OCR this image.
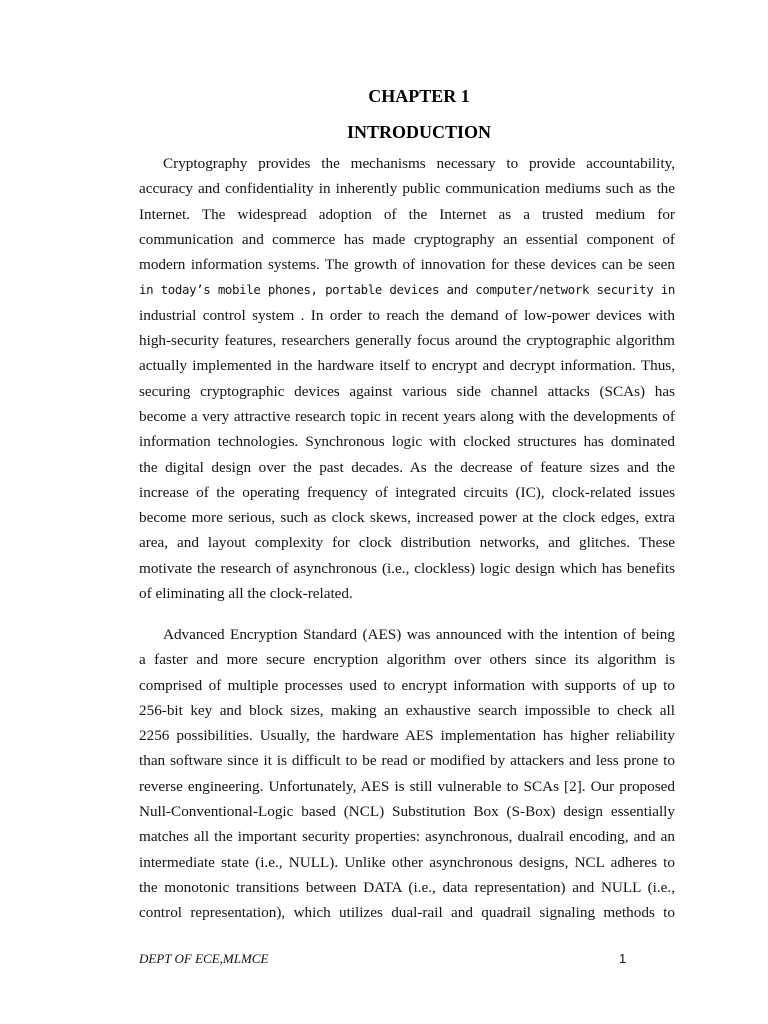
CHAPTER 1
INTRODUCTION
Cryptography provides the mechanisms necessary to provide accountability,
accuracy and confidentiality in inherently public communication mediums such as the
Internet. The widespread adoption of the Internet as a trusted medium for
communication and commerce has made cryptography an essential component of
modern information systems. The growth of innovation for these devices can be seen
in today’s mobile phones, portable devices and computer/network security in
industrial control system . In order to reach the demand of low-power devices with
high-security features, researchers generally focus around the cryptographic algorithm
actually implemented in the hardware itself to encrypt and decrypt information. Thus,
securing cryptographic devices against various side channel attacks (SCAs) has
become a very attractive research topic in recent years along with the developments of
information technologies. Synchronous logic with clocked structures has dominated
the digital design over the past decades. As the decrease of feature sizes and the
increase of the operating frequency of integrated circuits (IC), clock-related issues
become more serious, such as clock skews, increased power at the clock edges, extra
area, and layout complexity for clock distribution networks, and glitches. These
motivate the research of asynchronous (i.e., clockless) logic design which has benefits
of eliminating all the clock-related.
Advanced Encryption Standard (AES) was announced with the intention of being
a faster and more secure encryption algorithm over others since its algorithm is
comprised of multiple processes used to encrypt information with supports of up to
256-bit key and block sizes, making an exhaustive search impossible to check all
2256 possibilities. Usually, the hardware AES implementation has higher reliability
than software since it is difficult to be read or modified by attackers and less prone to
reverse engineering. Unfortunately, AES is still vulnerable to SCAs [2]. Our proposed
Null-Conventional-Logic based (NCL) Substitution Box (S-Box) design essentially
matches all the important security properties: asynchronous, dualrail encoding, and an
intermediate state (i.e., NULL). Unlike other asynchronous designs, NCL adheres to
the monotonic transitions between DATA (i.e., data representation) and NULL (i.e.,
control representation), which utilizes dual-rail and quadrail signaling methods to
DEPT OF ECE,MLMCE	1
